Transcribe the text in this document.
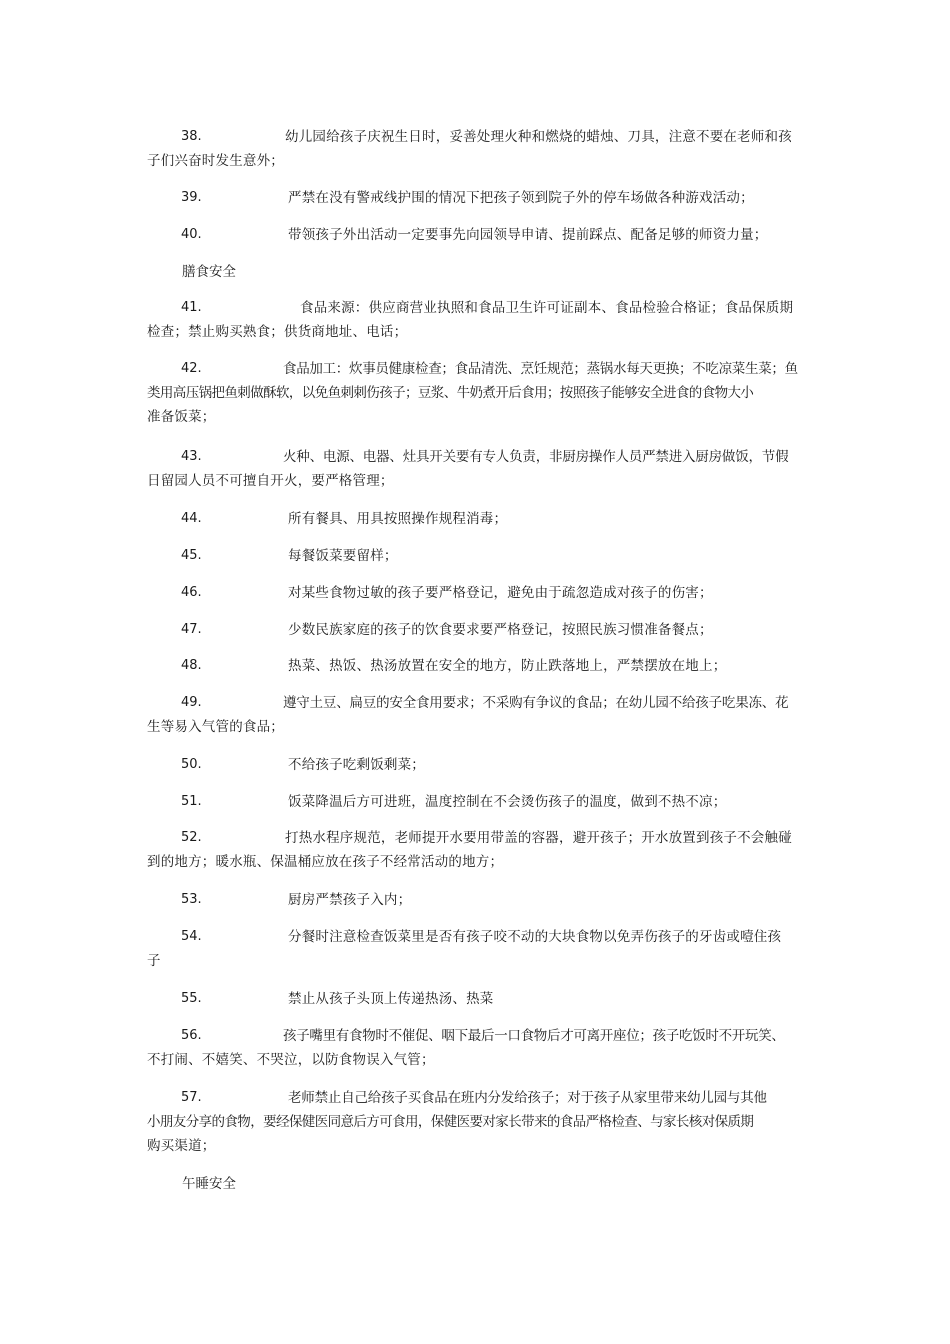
38.	幼儿园给孩子庆祝生日时，妥善处理火种和燃烧的蜡烛、刀具，注意不要在老师和孩
子们兴奋时发生意外；
39.	严禁在没有警戒线护围的情况下把孩子领到院子外的停车场做各种游戏活动；
40.	带领孩子外出活动一定要事先向园领导申请、提前踩点、配备足够的师资力量；
膳食安全
41.	食品来源：供应商营业执照和食品卫生许可证副本、食品检验合格证；食品保质期
检查；禁止购买熟食；供货商地址、电话；
42.	食品加工：炊事员健康检查；食品清洗、烹饪规范；蒸锅水每天更换；不吃凉菜生菜；鱼
类用高压锅把鱼刺做酥软，以免鱼刺刺伤孩子；豆浆、牛奶煮开后食用；按照孩子能够安全进食的食物大小
准备饭菜；
43.	火种、电源、电器、灶具开关要有专人负责，非厨房操作人员严禁进入厨房做饭，节假
日留园人员不可擅自开火，要严格管理；
44.	所有餐具、用具按照操作规程消毒；
45.	每餐饭菜要留样；
46.	对某些食物过敏的孩子要严格登记，避免由于疏忽造成对孩子的伤害；
47.	少数民族家庭的孩子的饮食要求要严格登记，按照民族习惯准备餐点；
48.	热菜、热饭、热汤放置在安全的地方，防止跌落地上，严禁摆放在地上；
49.	遵守土豆、扁豆的安全食用要求；不采购有争议的食品；在幼儿园不给孩子吃果冻、花
生等易入气管的食品；
50.	不给孩子吃剩饭剩菜；
51.	饭菜降温后方可进班，温度控制在不会烫伤孩子的温度，做到不热不凉；
52.	打热水程序规范，老师提开水要用带盖的容器，避开孩子；开水放置到孩子不会触碰
到的地方；暖水瓶、保温桶应放在孩子不经常活动的地方；
53.	厨房严禁孩子入内；
54.	分餐时注意检查饭菜里是否有孩子咬不动的大块食物以免弄伤孩子的牙齿或噎住孩
子
55.	禁止从孩子头顶上传递热汤、热菜
56.	孩子嘴里有食物时不催促、咽下最后一口食物后才可离开座位；孩子吃饭时不开玩笑、
不打闹、不嬉笑、不哭泣，以防食物误入气管；
57.	老师禁止自己给孩子买食品在班内分发给孩子；对于孩子从家里带来幼儿园与其他
小朋友分享的食物，要经保健医同意后方可食用，保健医要对家长带来的食品严格检查、与家长核对保质期
购买渠道；
午睡安全
